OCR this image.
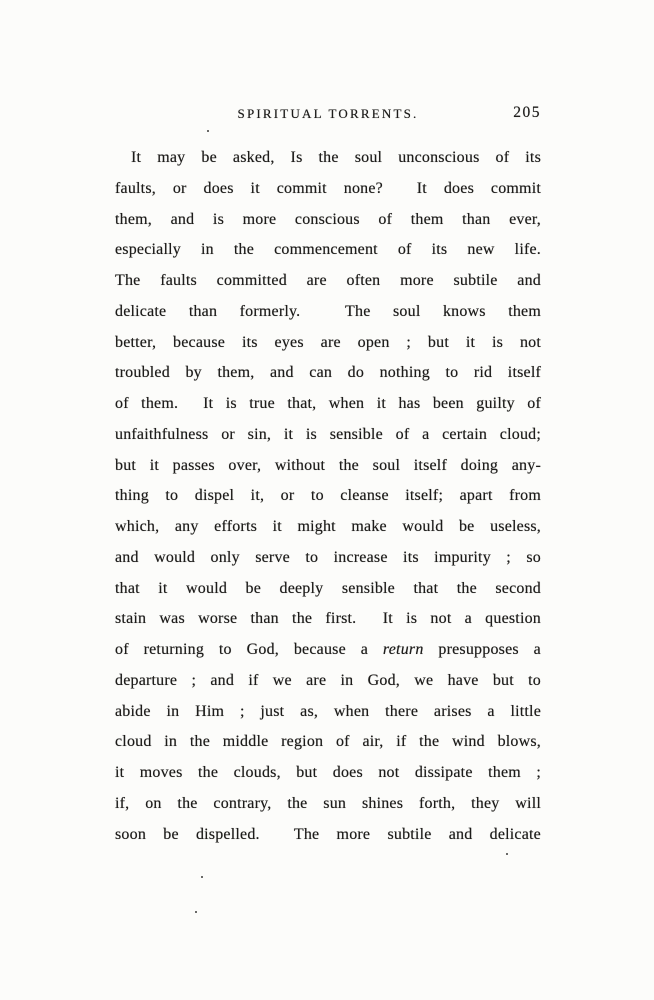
SPIRITUAL TORRENTS.	205
It may be asked, Is the soul unconscious of its
faults, or does it commit none?  It does commit
them, and is more conscious of them than ever,
especially in the commencement of its new life.
The faults committed are often more subtile and
delicate than formerly.  The soul knows them
better, because its eyes are open ; but it is not
troubled by them, and can do nothing to rid itself
of them.  It is true that, when it has been guilty of
unfaithfulness or sin, it is sensible of a certain cloud;
but it passes over, without the soul itself doing any-
thing to dispel it, or to cleanse itself; apart from
which, any efforts it might make would be useless,
and would only serve to increase its impurity ; so
that it would be deeply sensible that the second
stain was worse than the first.  It is not a question
of returning to God, because a return presupposes a
departure ; and if we are in God, we have but to
abide in Him ; just as, when there arises a little
cloud in the middle region of air, if the wind blows,
it moves the clouds, but does not dissipate them ;
if, on the contrary, the sun shines forth, they will
soon be dispelled.  The more subtile and delicate
